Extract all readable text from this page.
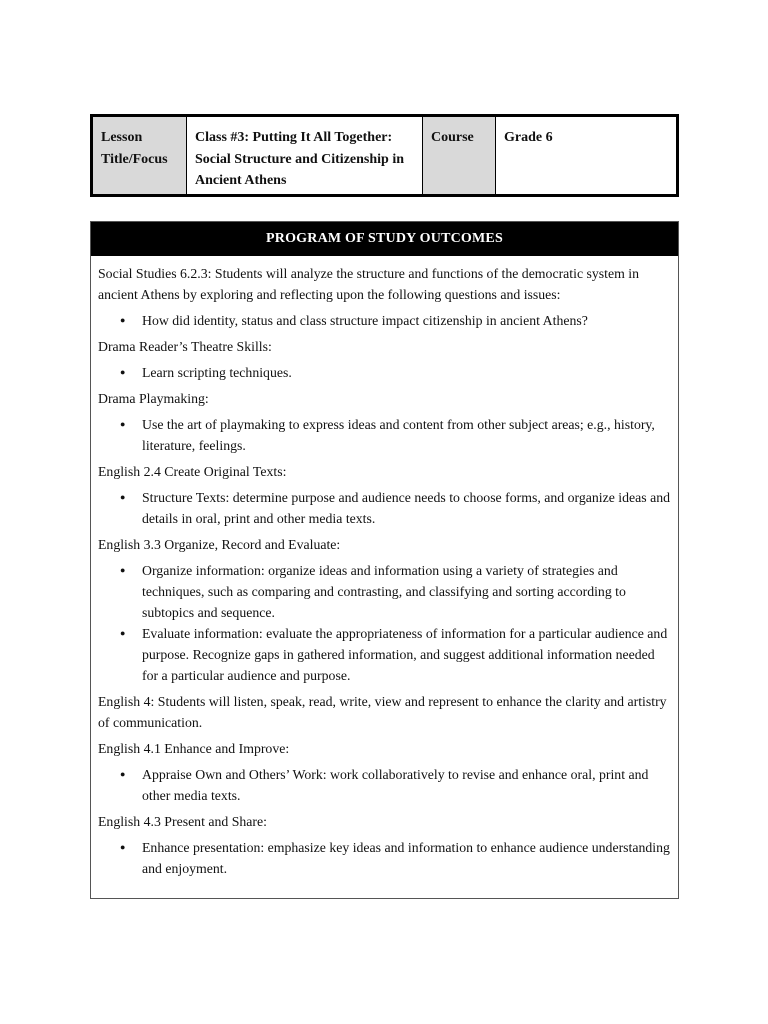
Lesson Title/Focus	Class #3: Putting It All Together: Social Structure and Citizenship in Ancient Athens	Course	Grade 6
PROGRAM OF STUDY OUTCOMES

Social Studies 6.2.3: Students will analyze the structure and functions of the democratic system in ancient Athens by exploring and reflecting upon the following questions and issues:

● How did identity, status and class structure impact citizenship in ancient Athens?

Drama Reader’s Theatre Skills:

● Learn scripting techniques.

Drama Playmaking:

● Use the art of playmaking to express ideas and content from other subject areas; e.g., history, literature, feelings.

English 2.4 Create Original Texts:

● Structure Texts: determine purpose and audience needs to choose forms, and organize ideas and details in oral, print and other media texts.

English 3.3 Organize, Record and Evaluate:

● Organize information: organize ideas and information using a variety of strategies and techniques, such as comparing and contrasting, and classifying and sorting according to subtopics and sequence.
● Evaluate information: evaluate the appropriateness of information for a particular audience and purpose. Recognize gaps in gathered information, and suggest additional information needed for a particular audience and purpose.

English 4: Students will listen, speak, read, write, view and represent to enhance the clarity and artistry of communication.

English 4.1 Enhance and Improve:

● Appraise Own and Others’ Work: work collaboratively to revise and enhance oral, print and other media texts.

English 4.3 Present and Share:

● Enhance presentation: emphasize key ideas and information to enhance audience understanding and enjoyment.
